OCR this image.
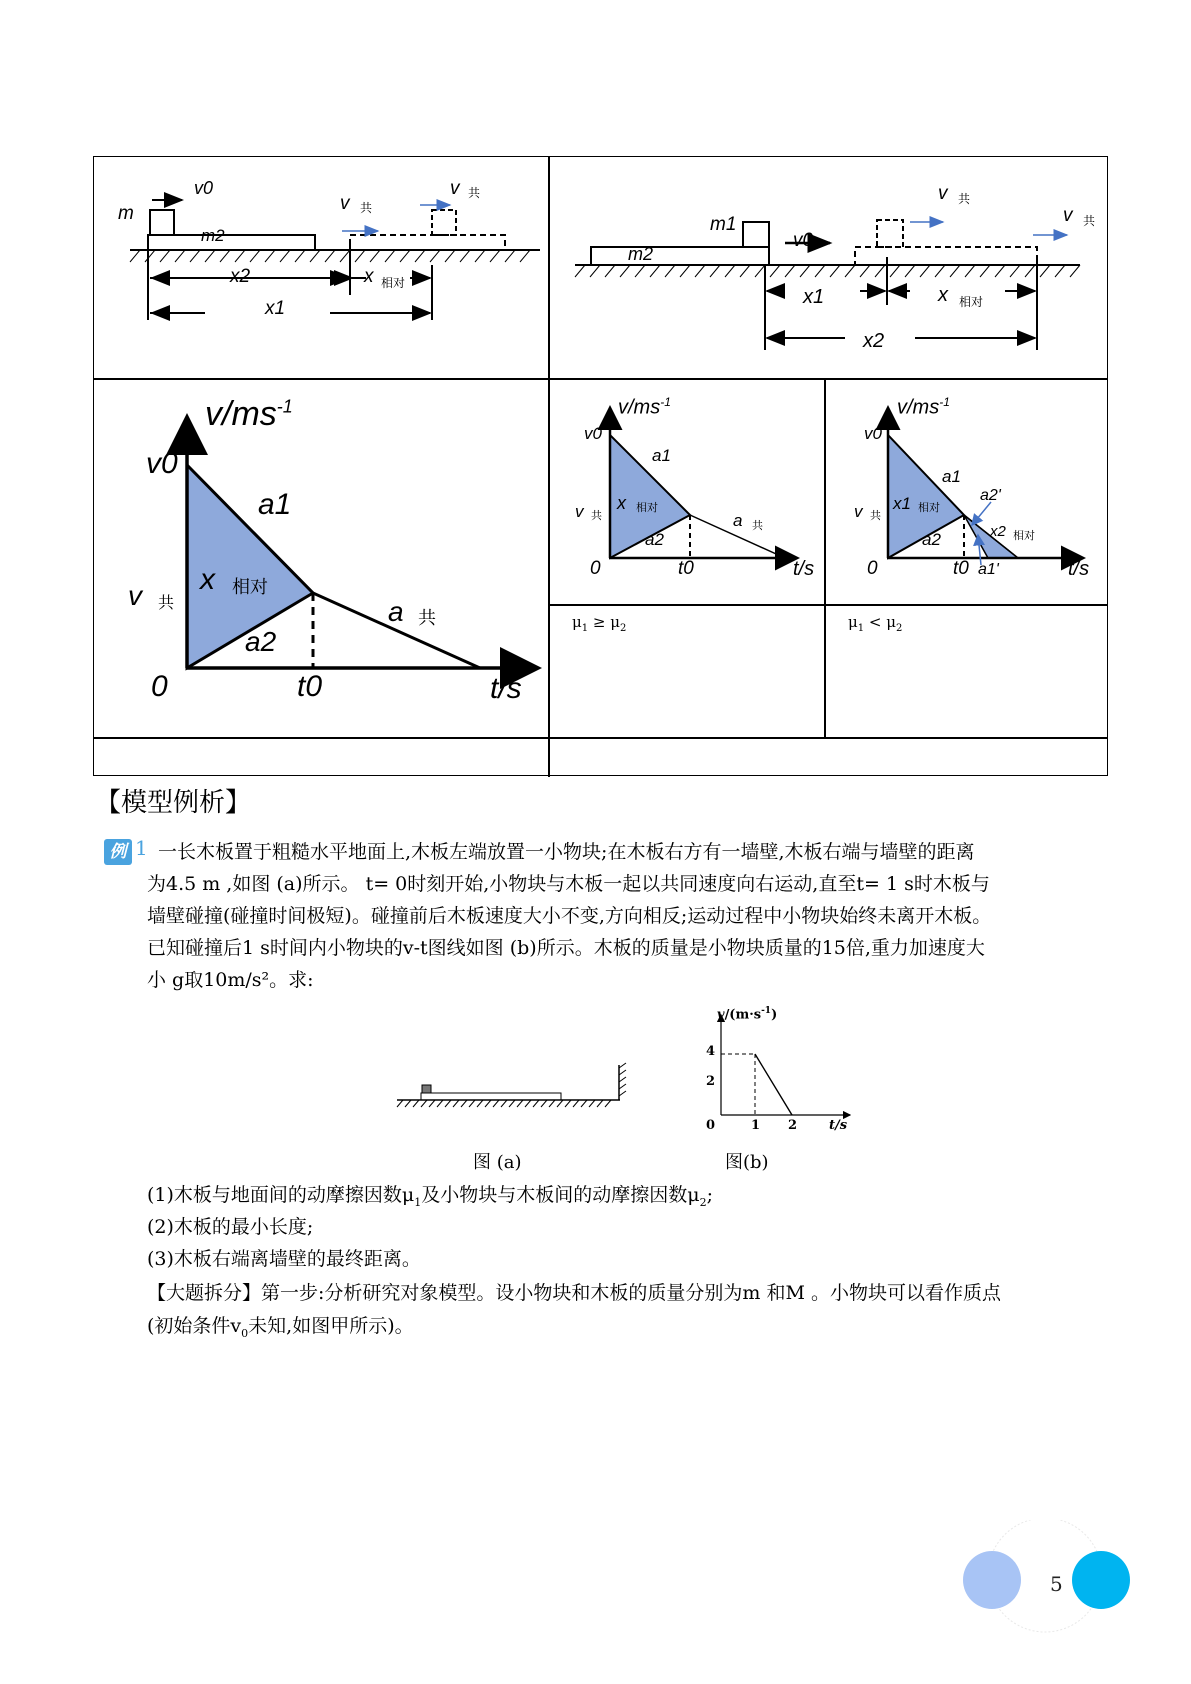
v0
m
m2
v 共
v 共
x2
x1
x 相对
m1
m2
v0
v 共
v 共
x1	x 相对
x2
$v/ms^{-1}$
v0
a1
v 共
x 相对
a 共
a2
0	t0	t/s
$v/ms^{-1}$
v0
a1
v 共
x 相对
a2
a 共
0	t0	t/s
$v/ms^{-1}$
v0
a1
a2'
v 共
x1 相对
x2 相对
a2
0	t0 a1'	t/s
$\mu_1 \ge \mu_2$	$\mu_1 < \mu_2$
【模型例析】
例 1 一长木板置于粗糙水平地面上,木板左端放置一小物块;在木板右方有一墙壁,木板右端与墙壁的距离
为4.5 m ,如图 (a)所示。 t= 0时刻开始,小物块与木板一起以共同速度向右运动,直至t= 1 s时木板与
墙壁碰撞(碰撞时间极短)。碰撞前后木板速度大小不变,方向相反;运动过程中小物块始终未离开木板。
已知碰撞后1 s时间内小物块的v-t图线如图 (b)所示。木板的质量是小物块质量的15倍,重力加速度大
小 g取10m/s²。求:
$v/(m\cdot s^{-1})$
4
2
0	1 2 t/s
图 (a)	图(b)
(1)木板与地面间的动摩擦因数$\mu_1$及小物块与木板间的动摩擦因数$\mu_2$;
(2)木板的最小长度;
(3)木板右端离墙壁的最终距离。
【大题拆分】第一步:分析研究对象模型。设小物块和木板的质量分别为m 和M 。小物块可以看作质点
(初始条件$v_0$未知,如图甲所示)。
5
